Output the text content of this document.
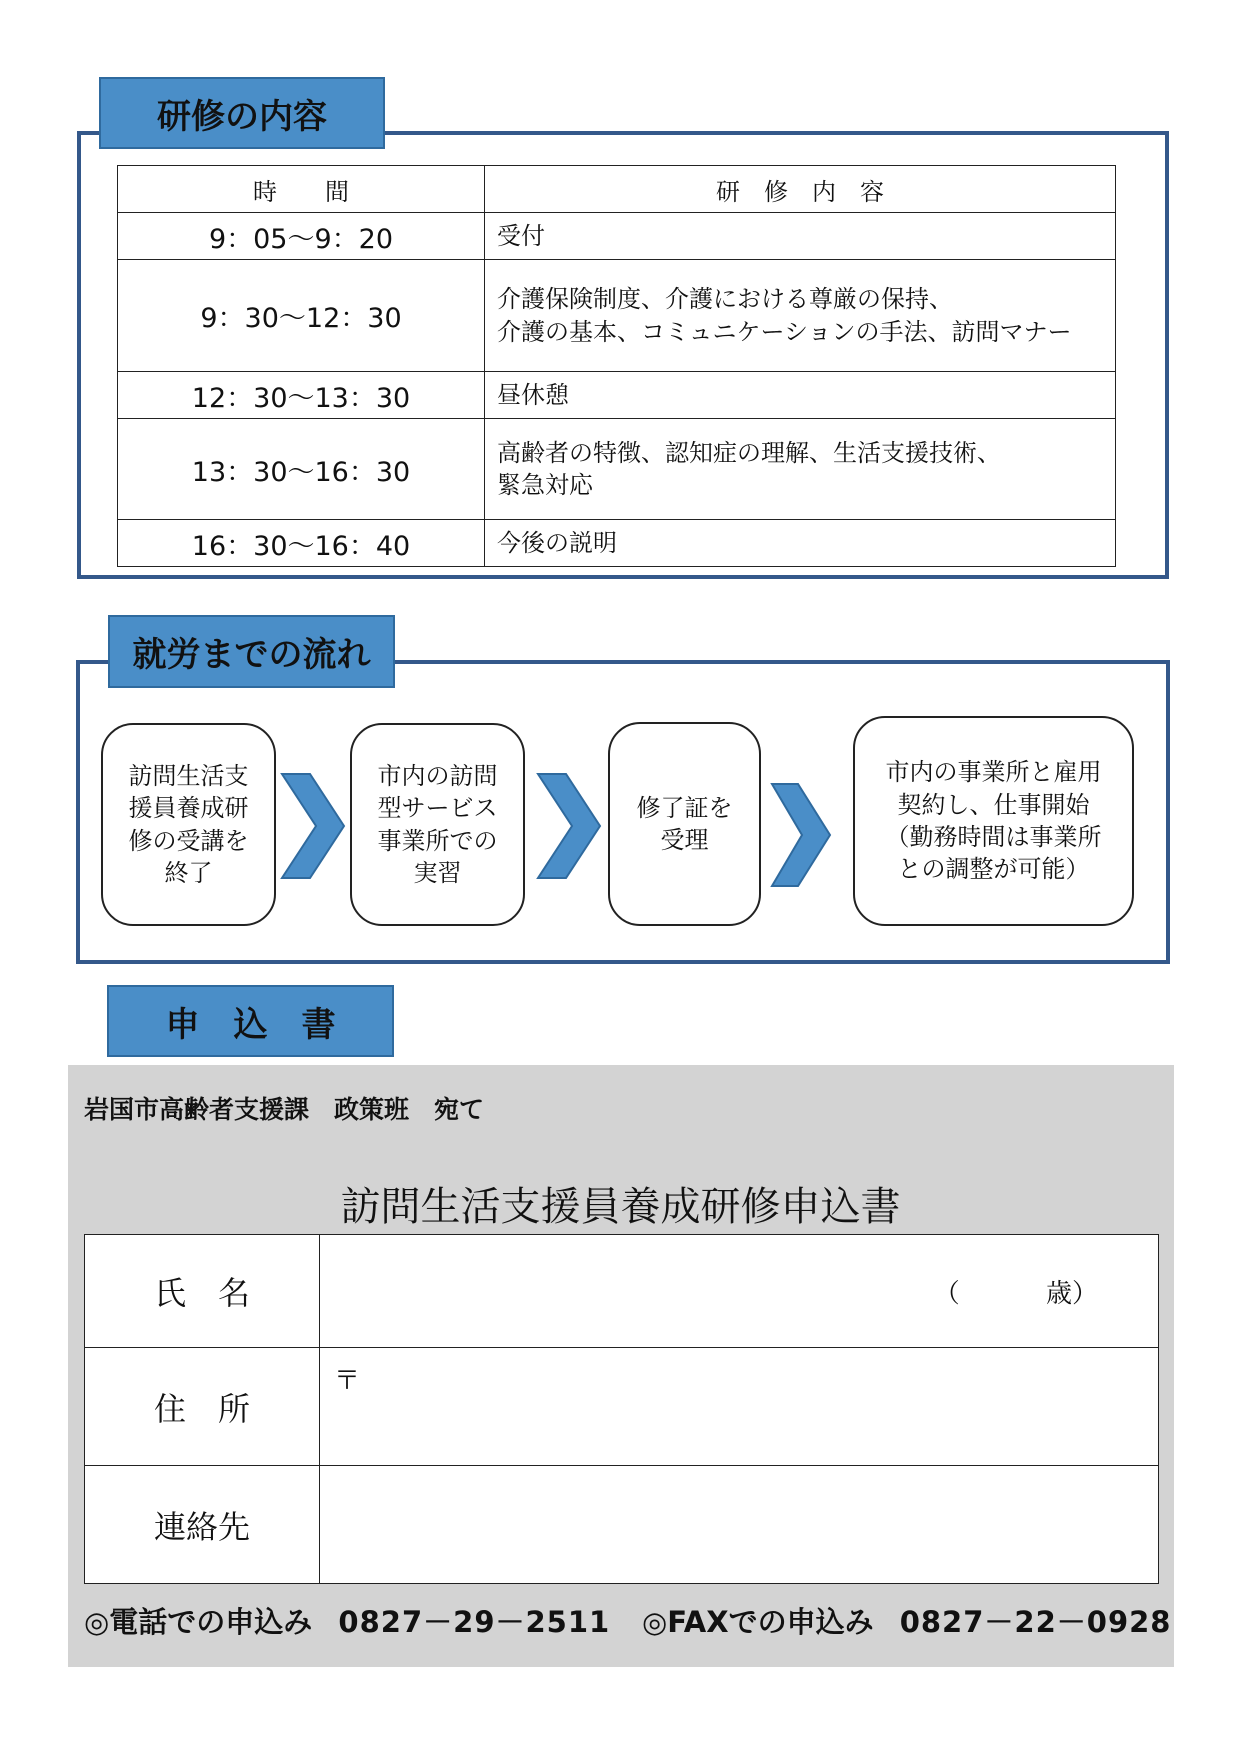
研修の内容
時　　間	研　修　内　容
9：05～9：20	受付

9：30～12：30	介護保険制度、介護における尊厳の保持、
介護の基本、コミュニケーションの手法、訪問マナー

12：30～13：30	昼休憩

13：30～16：30	高齢者の特徴、認知症の理解、生活支援技術、
緊急対応

16：30～16：40	今後の説明
就労までの流れ
訪問生活支
援員養成研
修の受講を
終了
市内の訪問
型サービス
事業所での
実習
修了証を
受理
市内の事業所と雇用
契約し、仕事開始
（勤務時間は事業所
との調整が可能）
申　込　書
岩国市高齢者支援課　政策班　宛て
訪問生活支援員養成研修申込書
氏　名	（　　　 歳）

住　所	〒

連絡先	
◎電話での申込み 0827－29－2511 ◎FAXでの申込み 0827－22－0928
